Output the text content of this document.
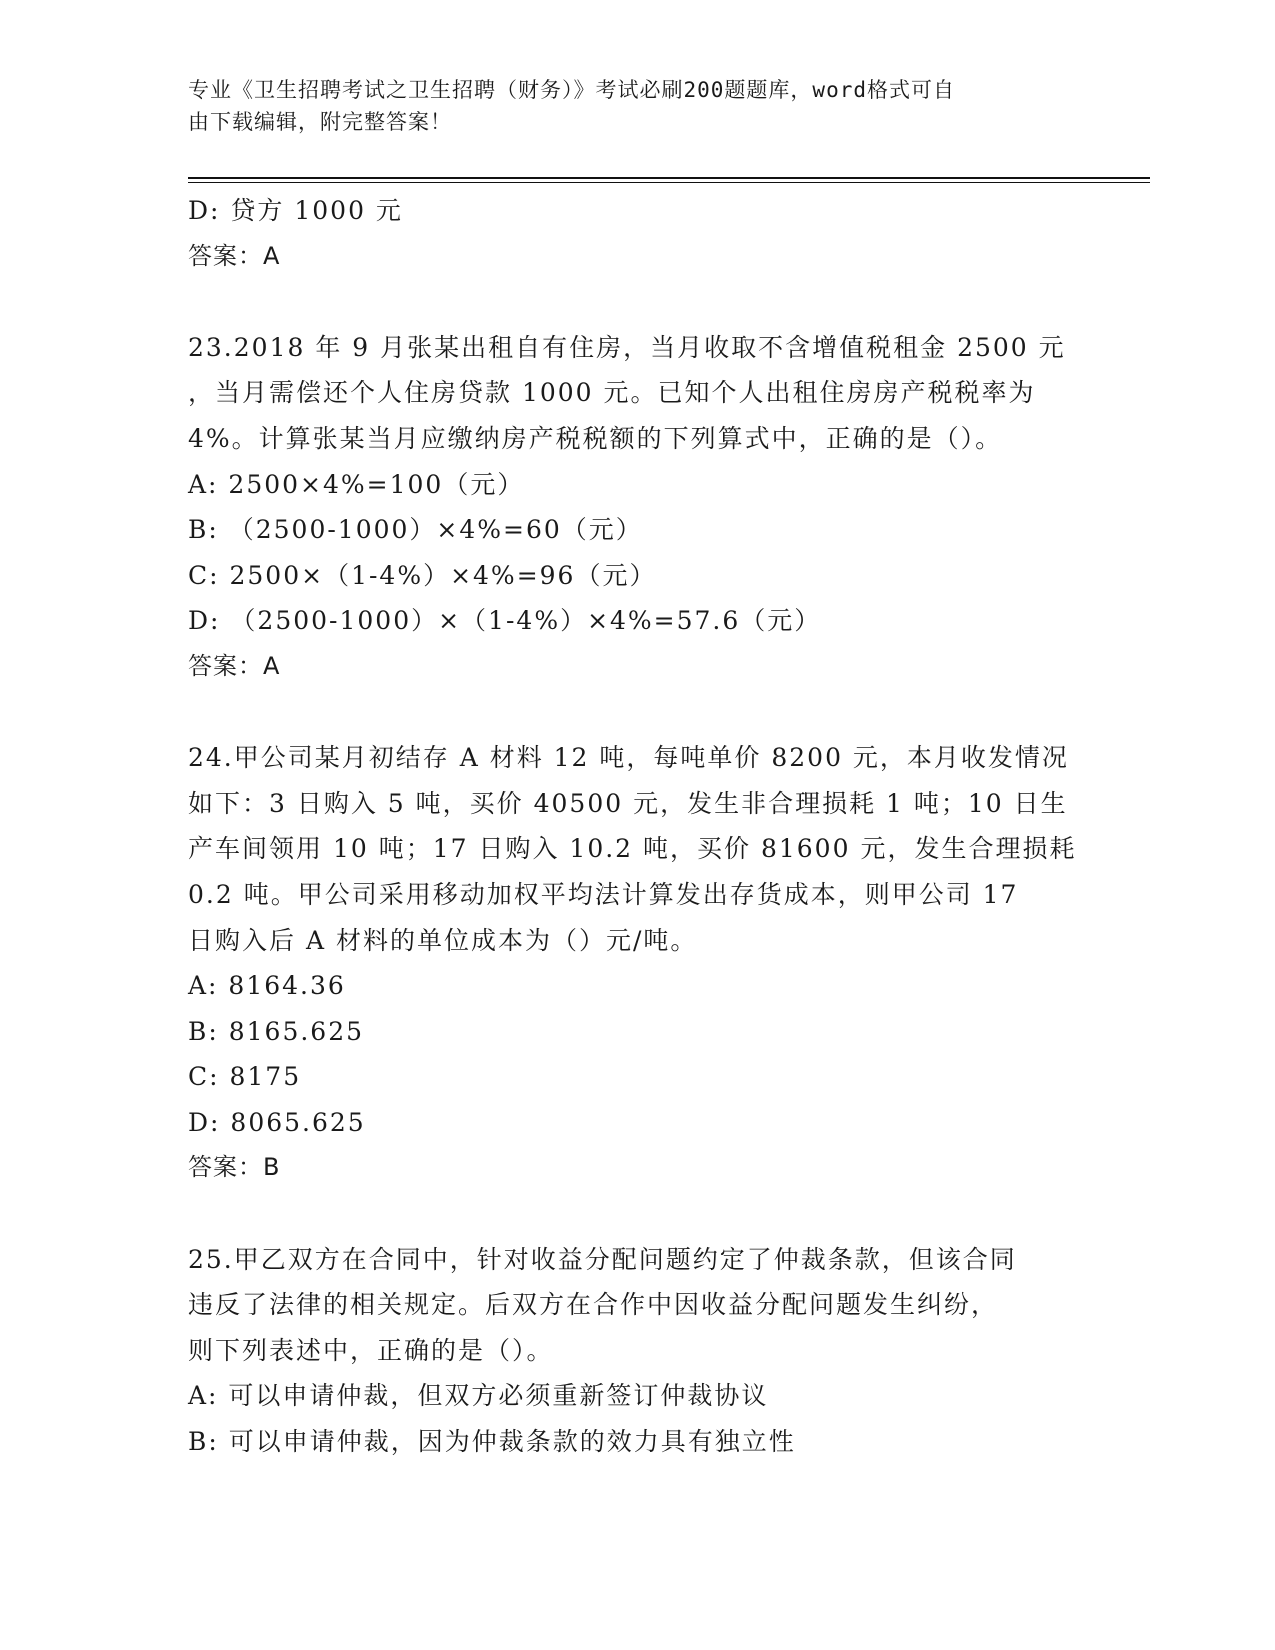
专业《卫生招聘考试之卫生招聘（财务）》考试必刷200题题库，word格式可自
由下载编辑，附完整答案！
D: 贷方 1000 元
答案：A
23.2018 年 9 月张某出租自有住房，当月收取不含增值税租金 2500 元
，当月需偿还个人住房贷款 1000 元。已知个人出租住房房产税税率为
4%。计算张某当月应缴纳房产税税额的下列算式中，正确的是（）。
A: 2500×4%=100（元）
B: （2500-1000）×4%=60（元）
C: 2500×（1-4%）×4%=96（元）
D: （2500-1000）×（1-4%）×4%=57.6（元）
答案：A
24.甲公司某月初结存 A 材料 12 吨，每吨单价 8200 元，本月收发情况
如下：3 日购入 5 吨，买价 40500 元，发生非合理损耗 1 吨；10 日生
产车间领用 10 吨；17 日购入 10.2 吨，买价 81600 元，发生合理损耗
0.2 吨。甲公司采用移动加权平均法计算发出存货成本，则甲公司 17
日购入后 A 材料的单位成本为（）元/吨。
A: 8164.36
B: 8165.625
C: 8175
D: 8065.625
答案：B
25.甲乙双方在合同中，针对收益分配问题约定了仲裁条款，但该合同
违反了法律的相关规定。后双方在合作中因收益分配问题发生纠纷，
则下列表述中，正确的是（）。
A: 可以申请仲裁，但双方必须重新签订仲裁协议
B: 可以申请仲裁，因为仲裁条款的效力具有独立性
